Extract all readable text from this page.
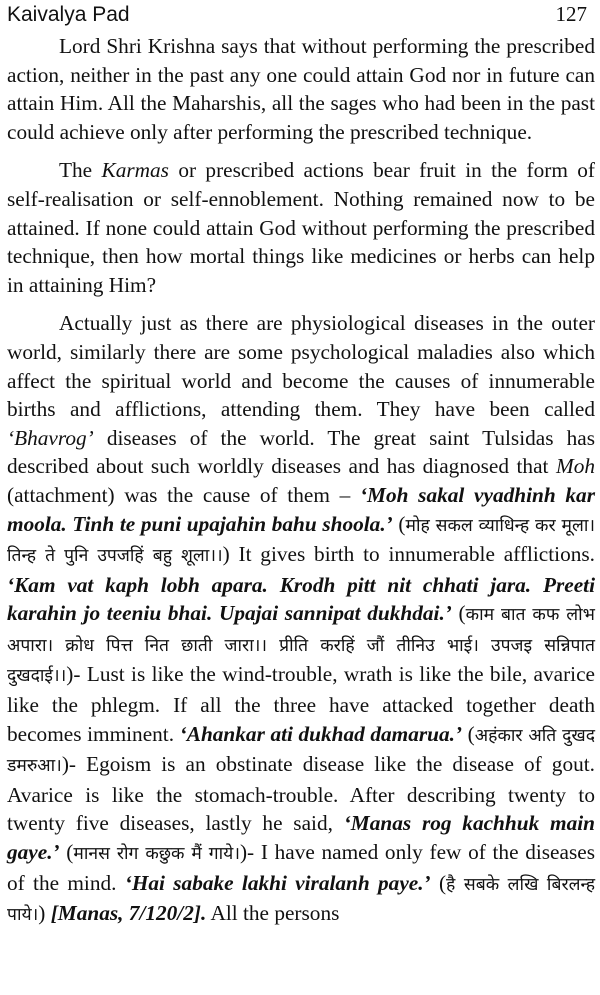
Kaivalya Pad	127

Lord Shri Krishna says that without performing the prescribed action, neither in the past any one could attain God nor in future can attain Him. All the Maharshis, all the sages who had been in the past could achieve only after performing the prescribed technique.

The Karmas or prescribed actions bear fruit in the form of self-realisation or self-ennoblement. Nothing remained now to be attained. If none could attain God without performing the prescribed technique, then how mortal things like medicines or herbs can help in attaining Him?

Actually just as there are physiological diseases in the outer world, similarly there are some psychological maladies also which affect the spiritual world and become the causes of innumerable births and afflictions, attending them. They have been called ‘Bhavrog’ diseases of the world. The great saint Tulsidas has described about such worldly diseases and has diagnosed that Moh (attachment) was the cause of them – ‘Moh sakal vyadhinh kar moola. Tinh te puni upajahin bahu shoola.’ (मोह सकल व्याधिन्ह कर मूला। तिन्ह ते पुनि उपजहिं बहु शूला।।) It gives birth to innumerable afflictions. ‘Kam vat kaph lobh apara. Krodh pitt nit chhati jara. Preeti karahin jo teeniu bhai. Upajai sannipat dukhdai.’ (काम बात कफ लोभ अपारा। क्रोध पित्त नित छाती जारा।। प्रीति करहिं जौं तीनिउ भाई। उपजइ सन्निपात दुखदाई।।)- Lust is like the wind-trouble, wrath is like the bile, avarice like the phlegm. If all the three have attacked together death becomes imminent. ‘Ahankar ati dukhad damarua.’ (अहंकार अति दुखद डमरुआ।)- Egoism is an obstinate disease like the disease of gout. Avarice is like the stomach-trouble. After describing twenty to twenty five diseases, lastly he said, ‘Manas rog kachhuk main gaye.’ (मानस रोग कछुक मैं गाये।)- I have named only few of the diseases of the mind. ‘Hai sabake lakhi viralanh paye.’ (है सबके लखि बिरलन्ह पाये।) [Manas, 7/120/2]. All the persons
